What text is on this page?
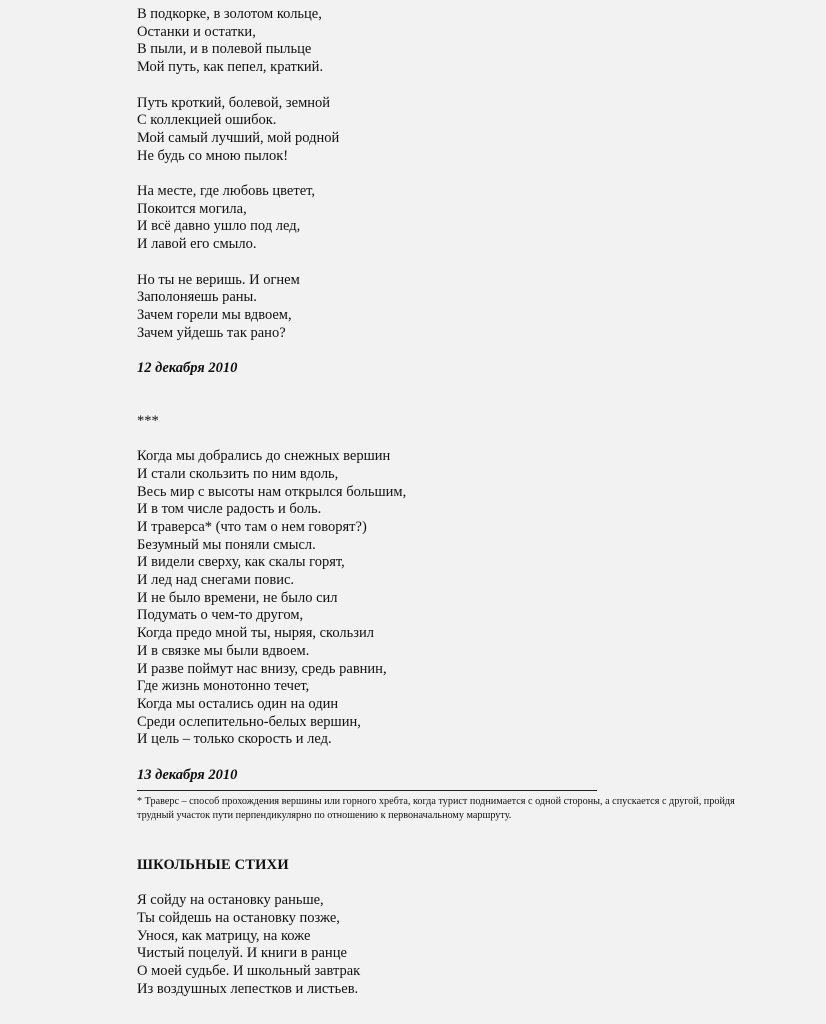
В подкорке, в золотом кольце,
Останки и остатки,
В пыли, и в полевой пыльце
Мой путь, как пепел, краткий.

Путь кроткий, болевой, земной
С коллекцией ошибок.
Мой самый лучший, мой родной
Не будь со мною пылок!

На месте, где любовь цветет,
Покоится могила,
И всё давно ушло под лед,
И лавой его смыло.

Но ты не веришь. И огнем
Заполоняешь раны.
Зачем горели мы вдвоем,
Зачем уйдешь так рано?

12 декабря 2010

***

Когда мы добрались до снежных вершин
И стали скользить по ним вдоль,
Весь мир с высоты нам открылся большим,
И в том числе радость и боль.
И траверса* (что там о нем говорят?)
Безумный мы поняли смысл.
И видели сверху, как скалы горят,
И лед над снегами повис.
И не было времени, не было сил
Подумать о чем-то другом,
Когда предо мной ты, ныряя, скользил
И в связке мы были вдвоем.
И разве поймут нас внизу, средь равнин,
Где жизнь монотонно течет,
Когда мы остались один на один
Среди ослепительно-белых вершин,
И цель – только скорость и лед.

13 декабря 2010

* Траверс – способ прохождения вершины или горного хребта, когда турист поднимается с одной стороны, а спускается с другой, пройдя трудный участок пути перпендикулярно по отношению к первоначальному маршруту.

ШКОЛЬНЫЕ СТИХИ

Я сойду на остановку раньше,
Ты сойдешь на остановку позже,
Унося, как матрицу, на коже
Чистый поцелуй. И книги в ранце
О моей судьбе. И школьный завтрак
Из воздушных лепестков и листьев.
